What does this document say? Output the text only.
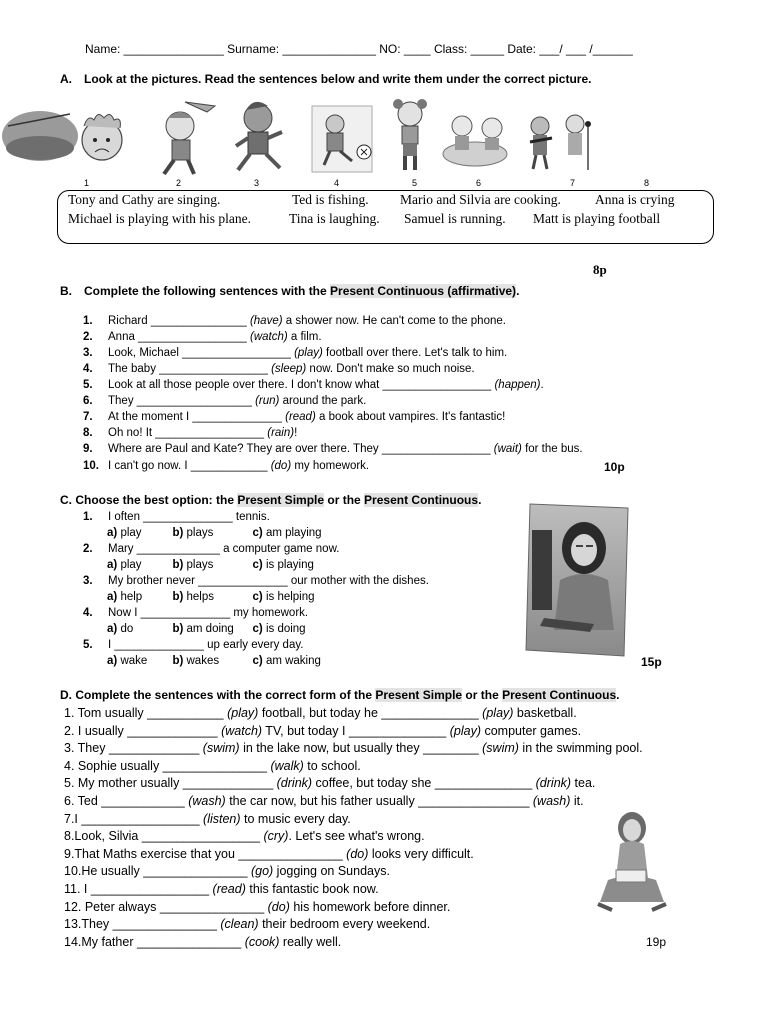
Name: _______________ Surname: ______________ NO: ____ Class: _____ Date: ___/ ___ /______
A. Look at the pictures. Read the sentences below and write them under the correct picture.
1	2	3	4	5	6	7	8
Tony and Cathy are singing.	Ted is fishing. Mario and Silvia are cooking.	Anna is crying
Michael is playing with his plane.	Tina is laughing. Samuel is running. Matt is playing football
8p
B. Complete the following sentences with the Present Continuous (affirmative).
1. Richard _______________ (have) a shower now. He can't come to the phone.
2. Anna _________________ (watch) a film.
3. Look, Michael _________________ (play) football over there. Let's talk to him.
4. The baby _________________ (sleep) now. Don't make so much noise.
5. Look at all those people over there. I don't know what _________________ (happen).
6. They __________________ (run) around the park.
7. At the moment I ______________ (read) a book about vampires. It's fantastic!
8. Oh no! It _________________ (rain)!
9. Where are Paul and Kate? They are over there. They _________________ (wait) for the bus.
10. I can't go now. I ____________ (do) my homework.	10p
C. Choose the best option: the Present Simple or the Present Continuous.
1. I often ______________ tennis.
a) play	b) plays	c) am playing
2. Mary _____________ a computer game now.
a) play	b) plays	c) is playing
3. My brother never ______________ our mother with the dishes.
a) help	b) helps	c) is helping
4. Now I ______________ my homework.
a) do	b) am doing c) is doing
5. I ______________ up early every day.
a) wake b) wakes	c) am waking	15p
D. Complete the sentences with the correct form of the Present Simple or the Present Continuous.
1. Tom usually ___________ (play) football, but today he ______________ (play) basketball.
2. I usually _____________ (watch) TV, but today I ______________ (play) computer games.
3. They _____________ (swim) in the lake now, but usually they ________ (swim) in the swimming pool.
4. Sophie usually _______________ (walk) to school.
5. My mother usually _____________ (drink) coffee, but today she ______________ (drink) tea.
6. Ted ____________ (wash) the car now, but his father usually ________________ (wash) it.
7.I _________________ (listen) to music every day.
8.Look, Silvia _________________ (cry). Let's see what's wrong.
9.That Maths exercise that you _______________ (do) looks very difficult.
10.He usually _______________ (go) jogging on Sundays.
11. I _________________ (read) this fantastic book now.
12. Peter always _______________ (do) his homework before dinner.
13.They _______________ (clean) their bedroom every weekend.
14.My father _______________ (cook) really well.	19p
